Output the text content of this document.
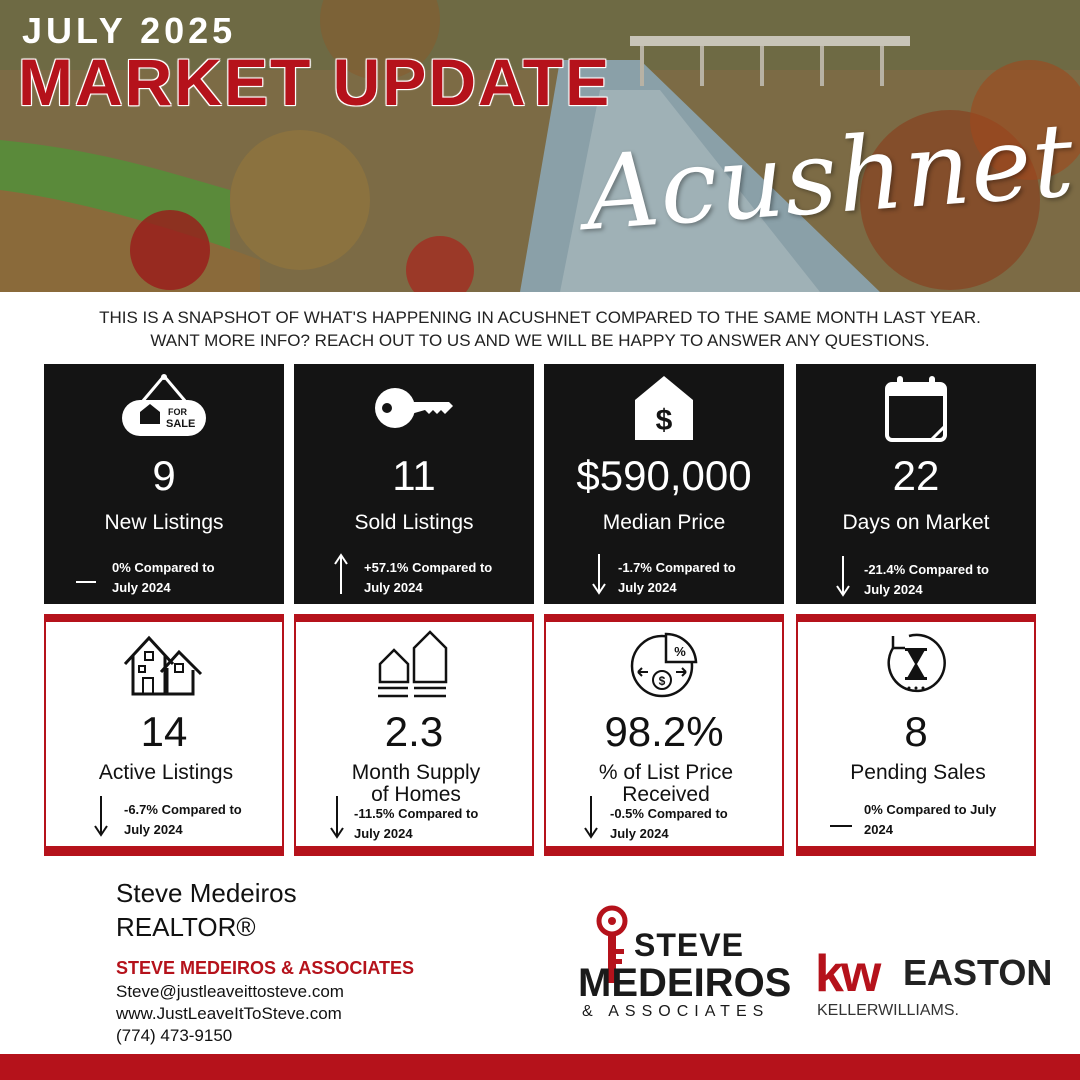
JULY 2025
MARKET UPDATE
Acushnet
THIS IS A SNAPSHOT OF WHAT'S HAPPENING IN ACUSHNET COMPARED TO THE SAME MONTH LAST YEAR.
WANT MORE INFO? REACH OUT TO US AND WE WILL BE HAPPY TO ANSWER ANY QUESTIONS.
FOR
SALE
9
New Listings
0% Compared to
July 2024
11
Sold Listings
+57.1% Compared to
July 2024
$
$590,000
Median Price
-1.7% Compared to
July 2024
22
Days on Market
-21.4% Compared to
July 2024
14
Active Listings
-6.7% Compared to
July 2024
2.3
Month Supply
of Homes
-11.5% Compared to
July 2024
%
$
98.2%
% of List Price
Received
-0.5% Compared to
July 2024
8
Pending Sales
0% Compared to July
2024
Steve Medeiros
REALTOR®
STEVE MEDEIROS & ASSOCIATES
Steve@justleaveittosteve.com
www.JustLeaveItToSteve.com
(774) 473-9150
STEVE
MEDEIROS
& ASSOCIATES
kw EASTON
KELLERWILLIAMS.
